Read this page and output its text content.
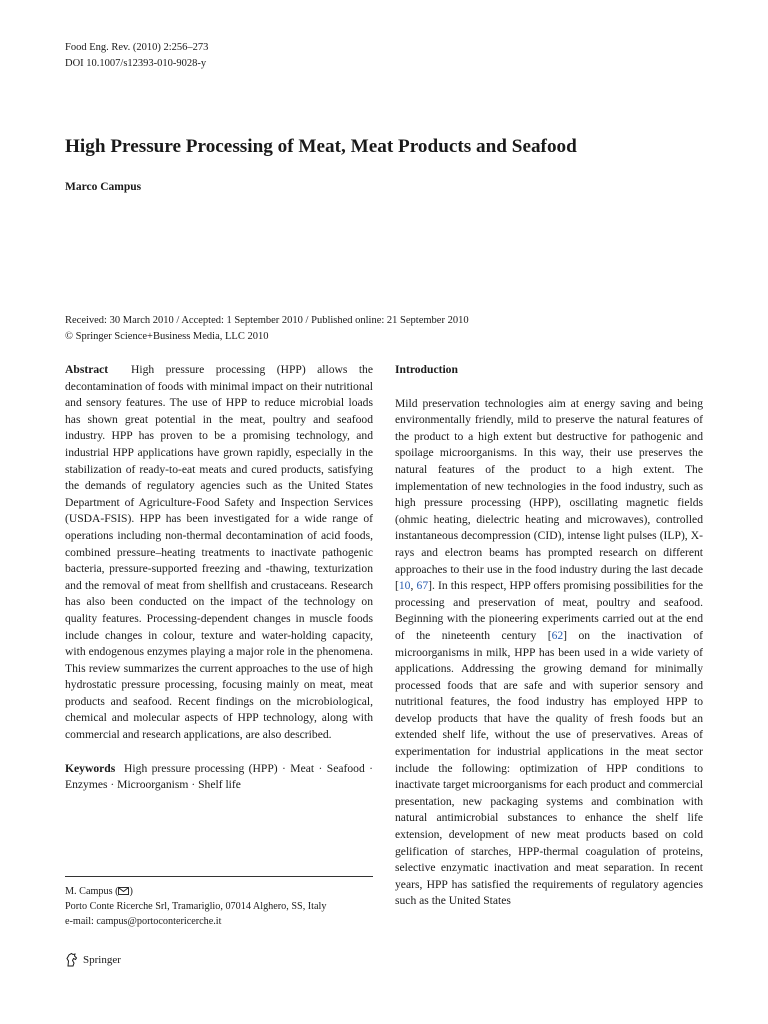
Food Eng. Rev. (2010) 2:256–273
DOI 10.1007/s12393-010-9028-y
High Pressure Processing of Meat, Meat Products and Seafood
Marco Campus
Received: 30 March 2010 / Accepted: 1 September 2010 / Published online: 21 September 2010
© Springer Science+Business Media, LLC 2010

Abstract High pressure processing (HPP) allows the decontamination of foods with minimal impact on their nutritional and sensory features. The use of HPP to reduce microbial loads has shown great potential in the meat, poultry and seafood industry. HPP has proven to be a promising technology, and industrial HPP applications have grown rapidly, especially in the stabilization of ready-to-eat meats and cured products, satisfying the demands of regulatory agencies such as the United States Department of Agriculture-Food Safety and Inspection Services (USDA-FSIS). HPP has been investigated for a wide range of operations including non-thermal decontamination of acid foods, combined pressure–heating treatments to inactivate pathogenic bacteria, pressure-supported freezing and -thawing, texturization and the removal of meat from shellfish and crustaceans. Research has also been conducted on the impact of the technology on quality features. Processing-dependent changes in muscle foods include changes in colour, texture and water-holding capacity, with endogenous enzymes playing a major role in the phenomena. This review summarizes the current approaches to the use of high hydrostatic pressure processing, focusing mainly on meat, meat products and seafood. Recent findings on the microbiological, chemical and molecular aspects of HPP technology, along with commercial and research applications, are also described.

Keywords High pressure processing (HPP) · Meat · Seafood · Enzymes · Microorganism · Shelf life

M. Campus ( )

Porto Conte Ricerche Srl, Tramariglio, 07014 Alghero, SS, Italy

e-mail: campus@portocontericerche.it

Springer

Introduction

Mild preservation technologies aim at energy saving and being environmentally friendly, mild to preserve the natural features of the product to a high extent but destructive for pathogenic and spoilage microorganisms. In this way, their use preserves the natural features of the product to a high extent. The implementation of new technologies in the food industry, such as high pressure processing (HPP), oscillating magnetic fields (ohmic heating, dielectric heating and microwaves), controlled instantaneous decompression (CID), intense light pulses (ILP), X-rays and electron beams has prompted research on different approaches to their use in the food industry during the last decade [10, 67]. In this respect, HPP offers promising possibilities for the processing and preservation of meat, poultry and seafood. Beginning with the pioneering experiments carried out at the end of the nineteenth century [62] on the inactivation of microorganisms in milk, HPP has been used in a wide variety of applications. Addressing the growing demand for minimally processed foods that are safe and with superior sensory and nutritional features, the food industry has employed HPP to develop products that have the quality of fresh foods but an extended shelf life, without the use of preservatives. Areas of experimentation for industrial applications in the meat sector include the following: optimization of HPP conditions to inactivate target microorganisms for each product and commercial presentation, new packaging systems and combination with natural antimicrobial substances to enhance the shelf life extension, development of new meat products based on cold gelification of starches, HPP-thermal coagulation of proteins, selective enzymatic inactivation and meat separation. In recent years, HPP has satisfied the requirements of regulatory agencies such as the United States
